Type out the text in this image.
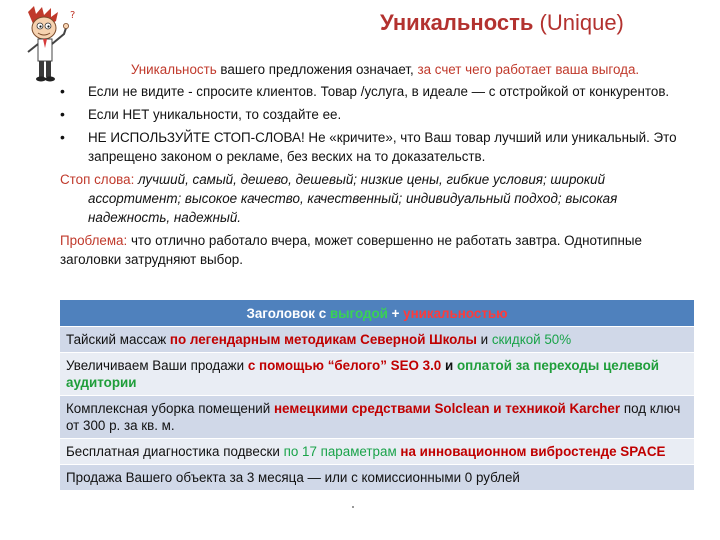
?	Уникальность (Unique)
Уникальность вашего предложения означает, за счет чего работает ваша выгода.
• Если не видите - спросите клиентов. Товар /услуга, в идеале — с отстройкой от конкурентов.
• Если НЕТ уникальности, то создайте ее.
• НЕ ИСПОЛЬЗУЙТЕ СТОП-СЛОВА! Не «кричите», что Ваш товар лучший или уникальный. Это запрещено законом о рекламе, без веских на то доказательств.
Стоп слова: лучший, самый, дешево, дешевый; низкие цены, гибкие условия; широкий ассортимент; высокое качество, качественный; индивидуальный подход; высокая надежность, надежный.
Проблема: что отлично работало вчера, может совершенно не работать завтра. Однотипные заголовки затрудняют выбор.
Заголовок с выгодой + уникальностью
Тайский массаж по легендарным методикам Северной Школы и скидкой 50%
Увеличиваем Ваши продажи с помощью “белого” SEO 3.0 и оплатой за переходы целевой аудитории
Комплексная уборка помещений немецкими средствами Solclean и техникой Karcher под ключ от 300 р. за кв. м.
Бесплатная диагностика подвески по 17 параметрам на инновационном вибростенде SPACE
Продажа Вашего объекта за 3 месяца — или с комиссионными 0 рублей
